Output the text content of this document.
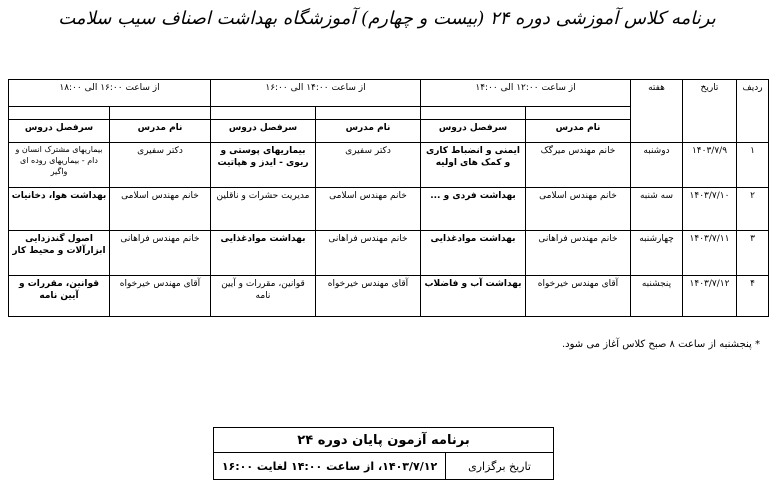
برنامه کلاس آموزشی دوره ۲۴ (بیست و چهارم) آموزشگاه بهداشت اصناف سیب سلامت
ردیف	تاریخ	هفته	از ساعت ۱۲:۰۰ الی ۱۴:۰۰		از ساعت ۱۴:۰۰ الی ۱۶:۰۰		از ساعت ۱۶:۰۰ الی ۱۸:۰۰	

			نام مدرس	سرفصل دروس	نام مدرس	سرفصل دروس	نام مدرس	سرفصل دروس
۱	۱۴۰۳/۷/۹	دوشنبه	خانم مهندس میرگک	ایمنی و انضباط کاری و کمک های اولیه	دکتر سفیری	بیماریهای پوستی و ریوی - ایدز و هپاتیت	دکتر سفیری	بیماریهای مشترک انسان و دام - بیماریهای روده ای واگیر
۲	۱۴۰۳/۷/۱۰	سه شنبه	خانم مهندس اسلامی	بهداشت فردی و ...	خانم مهندس اسلامی	مدیریت حشرات و ناقلین	خانم مهندس اسلامی	بهداشت هوا، دخانیات
۳	۱۴۰۳/۷/۱۱	چهارشنبه	خانم مهندس فراهانی	بهداشت موادغذایی	خانم مهندس فراهانی	بهداشت موادغذایی	خانم مهندس فراهانی	اصول گندزدایی ابزارآلات و محیط کار
۴	۱۴۰۳/۷/۱۲	پنجشنبه	آقای مهندس خیرخواه	بهداشت آب و فاضلاب	آقای مهندس خیرخواه	قوانین، مقررات و آیین نامه	آقای مهندس خیرخواه	قوانین، مقررات و آیین نامه
* پنجشنبه از ساعت ۸ صبح کلاس آغاز می شود.
برنامه آزمون پایان دوره ۲۴
تاریخ برگزاری	۱۴۰۳/۷/۱۲، از ساعت ۱۴:۰۰ لغایت ۱۶:۰۰
